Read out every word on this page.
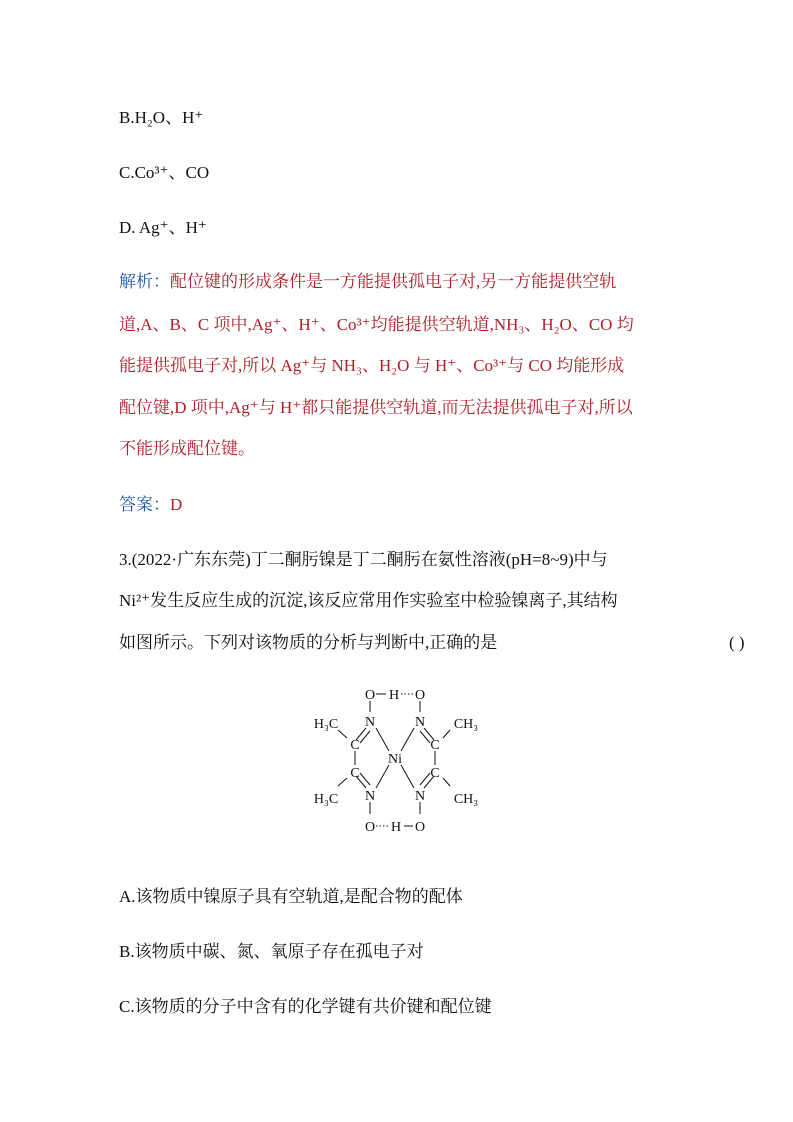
B.H₂O、H⁺
C.Co³⁺、CO
D. Ag⁺、H⁺
解析：配位键的形成条件是一方能提供孤电子对,另一方能提供空轨
道,A、B、C 项中,Ag⁺、H⁺、Co³⁺均能提供空轨道,NH₃、H₂O、CO 均
能提供孤电子对,所以 Ag⁺与 NH₃、H₂O 与 H⁺、Co³⁺与 CO 均能形成
配位键,D 项中,Ag⁺与 H⁺都只能提供空轨道,而无法提供孤电子对,所以
不能形成配位键。
答案：D
3.(2022·广东东莞)丁二酮肟镍是丁二酮肟在氨性溶液(pH=8~9)中与
Ni²⁺发生反应生成的沉淀,该反应常用作实验室中检验镍离子,其结构
如图所示。下列对该物质的分析与判断中,正确的是	( )
O H O
N	N
N	N
C
C
C
C
Ni
H₃C
H₃C
CH₃
CH₃
O H O
A.该物质中镍原子具有空轨道,是配合物的配体
B.该物质中碳、氮、氧原子存在孤电子对
C.该物质的分子中含有的化学键有共价键和配位键
